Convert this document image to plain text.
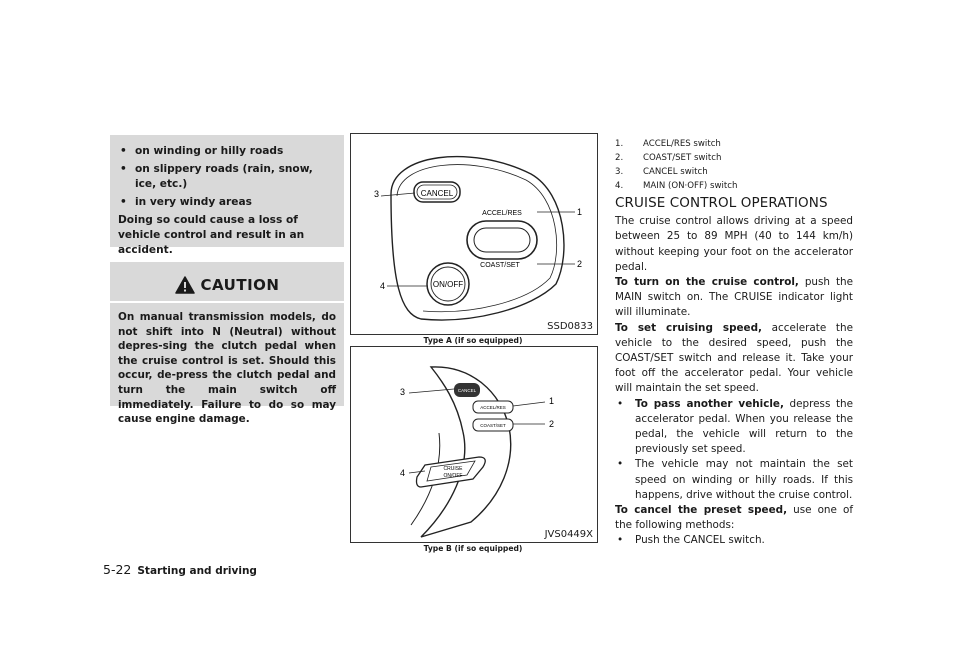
• on winding or hilly roads
• on slippery roads (rain, snow, ice, etc.)
• in very windy areas
Doing so could cause a loss of vehicle control and result in an accident.
CAUTION
On manual transmission models, do not shift into N (Neutral) without depres-sing the clutch pedal when the cruise control is set. Should this occur, de-press the clutch pedal and turn the main switch off immediately. Failure to do so may cause engine damage.
5-22 Starting and driving
CANCEL
ACCEL/RES
COAST/SET
ON/OFF
1
2
3
4
SSD0833
Type A (if so equipped)
CANCEL
ACCEL/RES
COAST/SET
CRUISE
ON/OFF
1
2
3
4
JVS0449X
Type B (if so equipped)
1.	ACCEL/RES switch
2.	COAST/SET switch
3.	CANCEL switch
4.	MAIN (ON·OFF) switch
CRUISE CONTROL OPERATIONS

The cruise control allows driving at a speed between 25 to 89 MPH (40 to 144 km/h) without keeping your foot on the accelerator pedal.

To turn on the cruise control, push the MAIN switch on. The CRUISE indicator light will illuminate.

To set cruising speed, accelerate the vehicle to the desired speed, push the COAST/SET switch and release it. Take your foot off the accelerator pedal. Your vehicle will maintain the set speed.

• To pass another vehicle, depress the accelerator pedal. When you release the pedal, the vehicle will return to the previously set speed.

• The vehicle may not maintain the set speed on winding or hilly roads. If this happens, drive without the cruise control.

To cancel the preset speed, use one of the following methods:

• Push the CANCEL switch.
